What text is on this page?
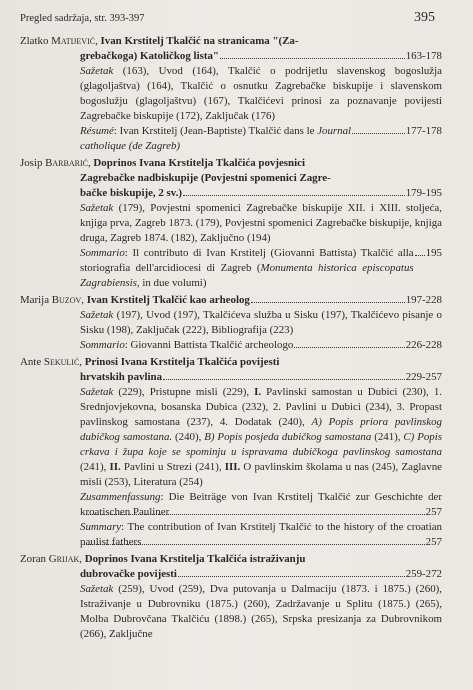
Pregled sadržaja, str. 393-397	395
Zlatko Matijević, Ivan Krstitelj Tkalčić na stranicama "(Za-
grebačkoga) Katoličkog lista"	163-178

Sažetak (163), Uvod (164), Tkalčić o podrijetlu slavenskog bogoslužja (glagoljaštva) (164), Tkalčić o osnutku Zagrebačke biskupije i slavenskom bogoslužju (glagoljaštvu) (167), Tkalčićevi prinosi za poznavanje povijesti Zagrebačke biskupije (172), Zaključak (176)

Résumé: Ivan Krstitelj (Jean-Baptiste) Tkalčić dans le Journal
catholique (de Zagreb)
177-178
Josip Barbarić, Doprinos Ivana Krstitelja Tkalčića povjesnici
Zagrebačke nadbiskupije (Povjestni spomenici Zagre-
bačke biskupije, 2 sv.)	179-195

Sažetak (179), Povjestni spomenici Zagrebačke biskupije XII. i XIII. stoljeća, knjiga prva, Zagreb 1873. (179), Povjestni spomenici Zagrebačke biskupije, knjiga druga, Zagreb 1874. (182), Zaključno (194)

Sommario: Il contributo di Ivan Krstitelj (Giovanni Battista) Tkalčić alla storiografia dell'arcidiocesi di Zagreb (Monumenta historica episcopatus Zagrabiensis, in due volumi)
195
Marija Buzov, Ivan Krstitelj Tkalčić kao arheolog	197-228

Sažetak (197), Uvod (197), Tkalčićeva služba u Sisku (197), Tkalčićevo pisanje o Sisku (198), Zaključak (222), Bibliografija (223)

Sommario: Giovanni Battista Tkalčić archeologo	226-228
Ante Sekulić, Prinosi Ivana Krstitelja Tkalčića povijesti
hrvatskih pavlina	229-257

Sažetak (229), Pristupne misli (229), I. Pavlinski samostan u Dubici (230), 1. Srednjovjekovna, bosanska Dubica (232), 2. Pavlini u Dubici (234), 3. Propast pavlinskog samostana (237), 4. Dodatak (240), A) Popis priora pavlinskog dubičkog samostana. (240), B) Popis posjeda dubičkog samostana (241), C) Popis crkava i župa koje se spominju u ispravama dubičkoga pavlinskog samostana (241), II. Pavlini u Strezi (241), III. O pavlinskim školama u nas (245), Zaglavne misli (253), Literatura (254)

Zusammenfassung: Die Beiträge von Ivan Krstitelj Tkalčić zur Geschichte der kroatischen Pauliner	257

Summary: The contribution of Ivan Krstitelj Tkalčić to the history of the croatian paulist fathers	257
Zoran Grijak, Doprinos Ivana Krstitelja Tkalčića istraživanju
dubrovačke povijesti	259-272

Sažetak (259), Uvod (259), Dva putovanja u Dalmaciju (1873. i 1875.) (260), Istraživanje u Dubrovniku (1875.) (260), Zadržavanje u Splitu (1875.) (265), Molba Dubrovčana Tkalčiću (1898.) (265), Srpska presizanja za Dubrovnikom (266), Zaključne
